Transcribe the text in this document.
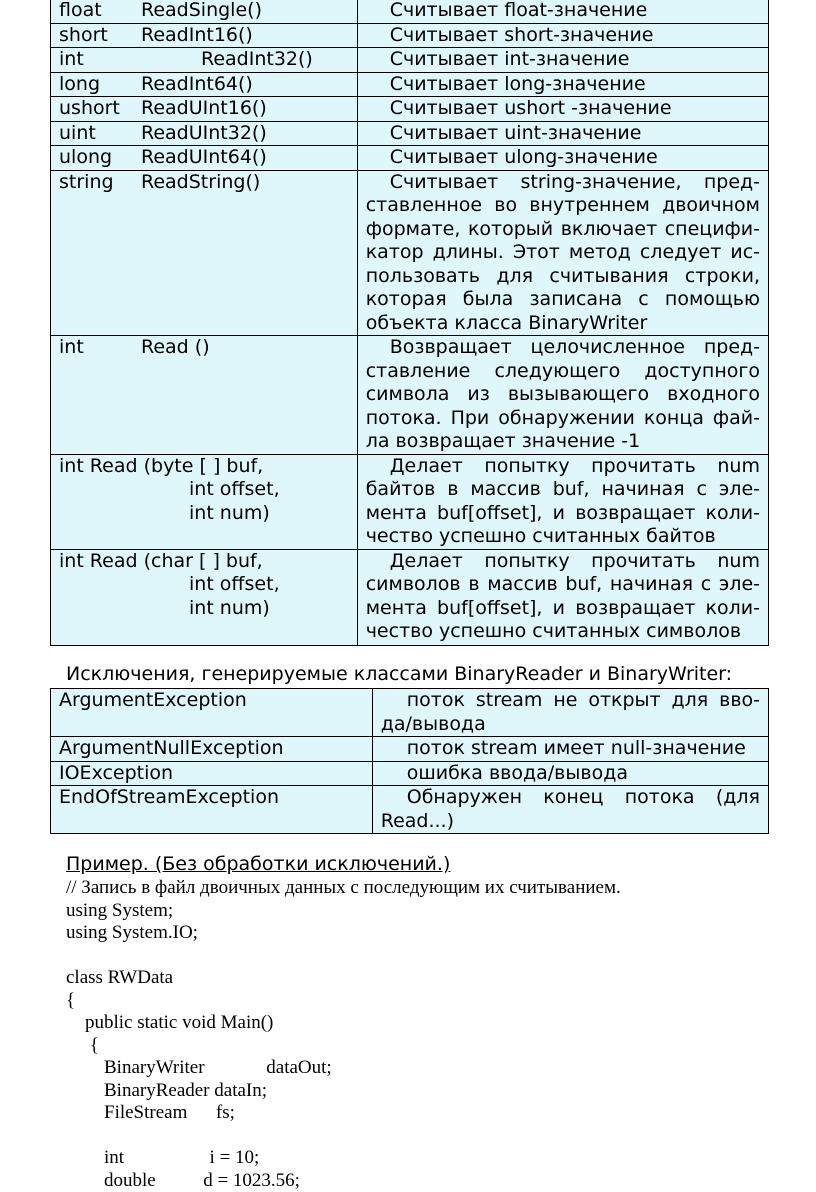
float ReadSingle()	Считывает float-значение
short ReadInt16()	Считывает short-значение
int ReadInt32()	Считывает int-значение
long ReadInt64()	Считывает long-значение
ushort ReadUInt16()	Считывает ushort -значение
uint ReadUInt32()	Считывает uint-значение
ulong ReadUInt64()	Считывает ulong-значение
string ReadString()	Считывает string-значение, пред-ставленное во внутреннем двоичном формате, который включает специфи-катор длины. Этот метод следует ис-пользовать для считывания строки, которая была записана с помощью объекта класса BinaryWriter
int Read ()	Возвращает целочисленное пред-ставление следующего доступного символа из вызывающего входного потока. При обнаружении конца фай-ла возвращает значение -1

int Read (byte [ ] buf,
int offset,
int num)	Делает попытку прочитать num байтов в массив buf, начиная с эле-мента buf[offset], и возвращает коли-чество успешно считанных байтов

int Read (char [ ] buf,
int offset,
int num)	Делает попытку прочитать num символов в массив buf, начиная с эле-мента buf[offset], и возвращает коли-чество успешно считанных символов

Исключения, генерируемые классами BinaryReader и BinaryWriter:

ArgumentException	поток stream не открыт для вво-да/вывода
ArgumentNullException	поток stream имеет null-значение
IOException	ошибка ввода/вывода
EndOfStreamException	Обнаружен конец потока (для Read...)

Пример. (Без обработки исключений.)

// Запись в файл двоичных данных с последующим их считыванием.
using System;
using System.IO;
class RWData
{
public static void Main()
{
BinaryWriter             dataOut;
BinaryReader dataIn;
FileStream      fs;
int                  i = 10;
double          d = 1023.56;
